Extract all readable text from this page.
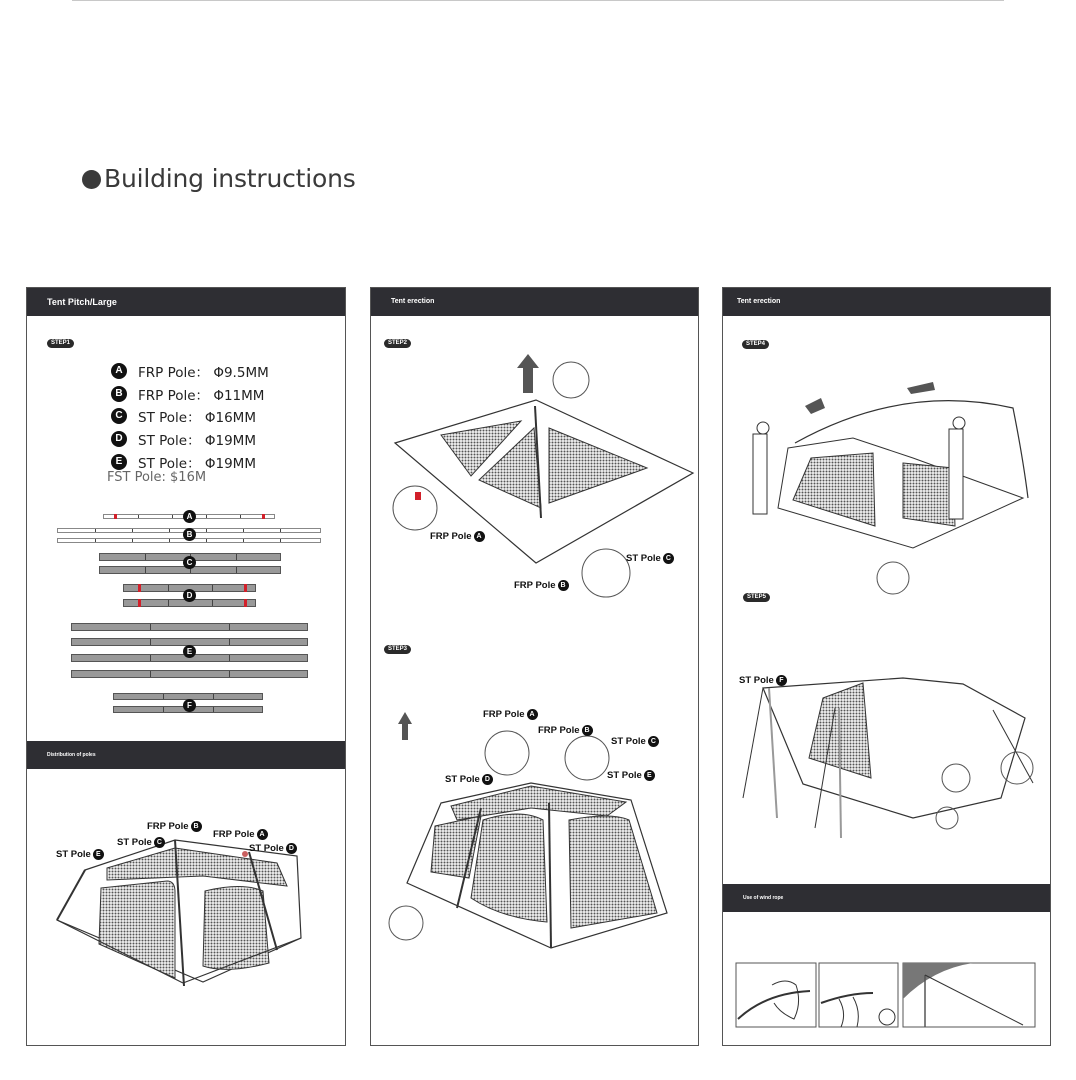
Building instructions
Tent Pitch/Large
STEP1
A	FRP Pole： Φ9.5MM
B	FRP Pole： Φ11MM
C	ST Pole： Φ16MM
D	ST Pole： Φ19MM
E	ST Pole： Φ19MM
FST Pole: $16M
A
B
C
D
E
F
Distribution of poles
FRP Pole B
FRP Pole A
ST Pole C
ST Pole D
ST Pole E
Tent erection
STEP2
FRP Pole A
ST Pole C
FRP Pole B
STEP3
FRP Pole A
FRP Pole B
ST Pole C
ST Pole D	ST Pole E
Tent erection
STEP4
STEP5
ST Pole F
Use of wind rope
